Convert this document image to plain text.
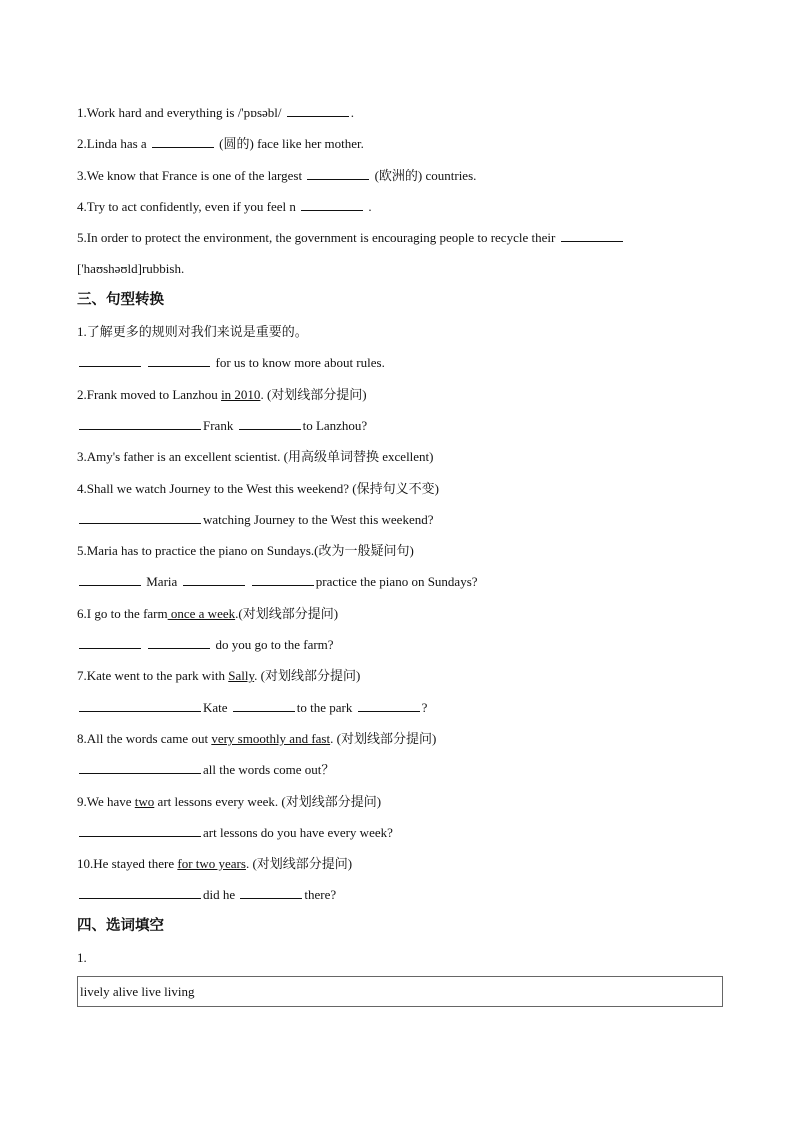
1.Work hard and everything is /'pɒsəbl/	.
2.Linda has a	(圆的) face like her mother.
3.We know that France is one of the largest	(欧洲的) countries.
4.Try to act confidently, even if you feel n	.
5.In order to protect the environment, the government is encouraging people to recycle their
['haʊshəʊld]rubbish.
三、句型转换
1.了解更多的规则对我们来说是重要的。
for us to know more about rules.
2.Frank moved to Lanzhou in 2010. (对划线部分提问)
Frank	to Lanzhou?
3.Amy's father is an excellent scientist. (用高级单词替换 excellent)
4.Shall we watch Journey to the West this weekend? (保持句义不变)
watching Journey to the West this weekend?
5.Maria has to practice the piano on Sundays.(改为一般疑问句)
Maria	practice the piano on Sundays?
6.I go to the farm once a week.(对划线部分提问)
do you go to the farm?
7.Kate went to the park with Sally. (对划线部分提问)
Kate	to the park	?
8.All the words came out very smoothly and fast. (对划线部分提问)
all the words come out？
9.We have two art lessons every week. (对划线部分提问)
art lessons do you have every week?
10.He stayed there for two years. (对划线部分提问)
did he	there?
四、选词填空
1.
lively alive live living
